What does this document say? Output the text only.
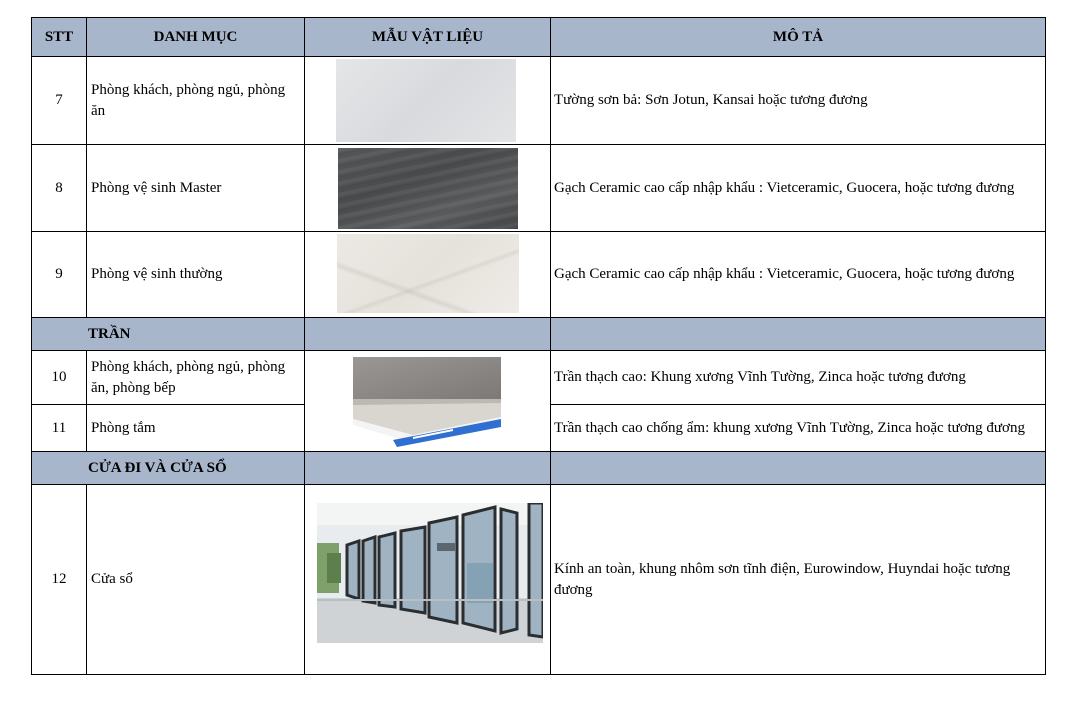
STT	DANH MỤC	MẪU VẬT LIỆU	MÔ TẢ
7	Phòng khách, phòng ngủ, phòng ăn		Tường sơn bả: Sơn Jotun, Kansai hoặc tương đương
8	Phòng vệ sinh Master		Gạch Ceramic cao cấp nhập khẩu : Vietceramic, Guocera, hoặc tương đương
9	Phòng vệ sinh thường		Gạch Ceramic cao cấp nhập khẩu : Vietceramic, Guocera, hoặc tương đương
TRẦN			
10	Phòng khách, phòng ngủ, phòng ăn, phòng bếp		Trần thạch cao: Khung xương Vĩnh Tường, Zinca hoặc tương đương
11	Phòng tắm		Trần thạch cao chống ẩm: khung xương Vĩnh Tường, Zinca hoặc tương đương
CỬA ĐI VÀ CỬA SỔ			
12	Cửa sổ		Kính an toàn, khung nhôm sơn tĩnh điện, Eurowindow, Huyndai hoặc tương đương
